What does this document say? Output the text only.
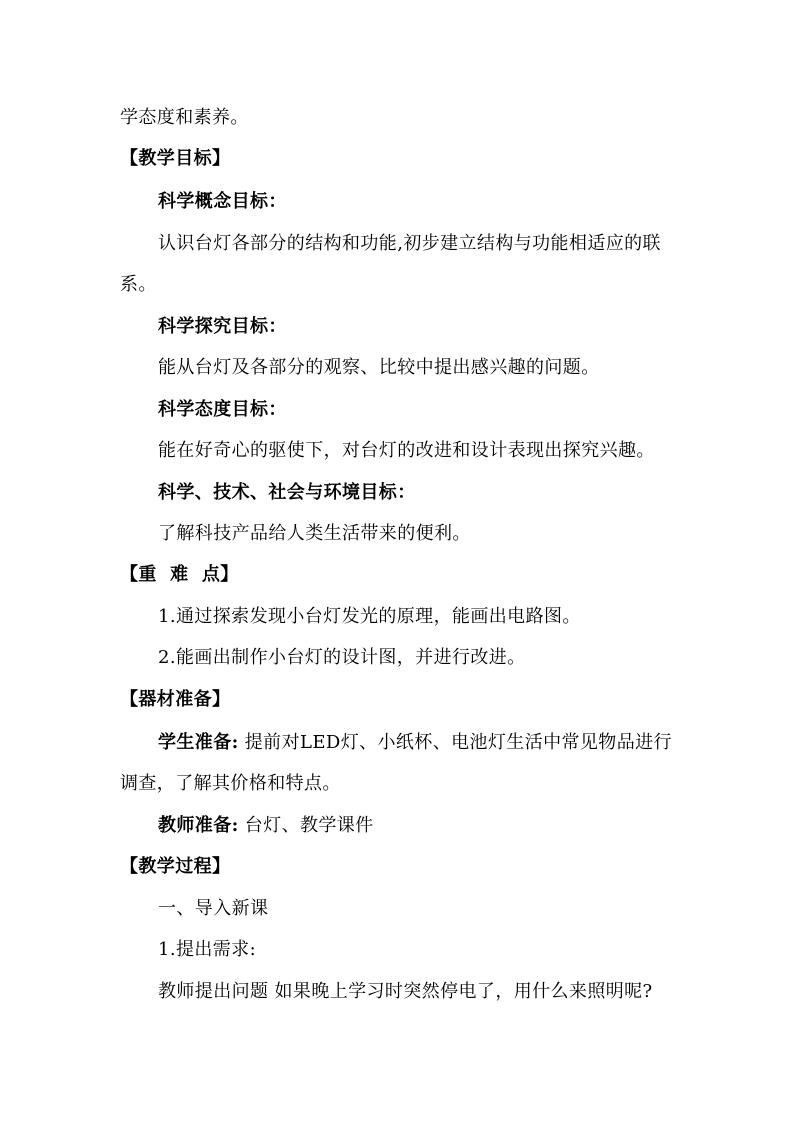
学态度和素养。
【教学目标】
科学概念目标：
认识台灯各部分的结构和功能,初步建立结构与功能相适应的联
系。
科学探究目标：
能从台灯及各部分的观察、比较中提出感兴趣的问题。
科学态度目标：
能在好奇心的驱使下，对台灯的改进和设计表现出探究兴趣。
科学、技术、社会与环境目标：
了解科技产品给人类生活带来的便利。
【重  难  点】
1.通过探索发现小台灯发光的原理，能画出电路图。
2.能画出制作小台灯的设计图，并进行改进。
【器材准备】
学生准备: 提前对LED灯、小纸杯、电池灯生活中常见物品进行
调查，了解其价格和特点。
教师准备: 台灯、教学课件
【教学过程】
一、导入新课
1.提出需求:
教师提出问题 如果晚上学习时突然停电了，用什么来照明呢?
